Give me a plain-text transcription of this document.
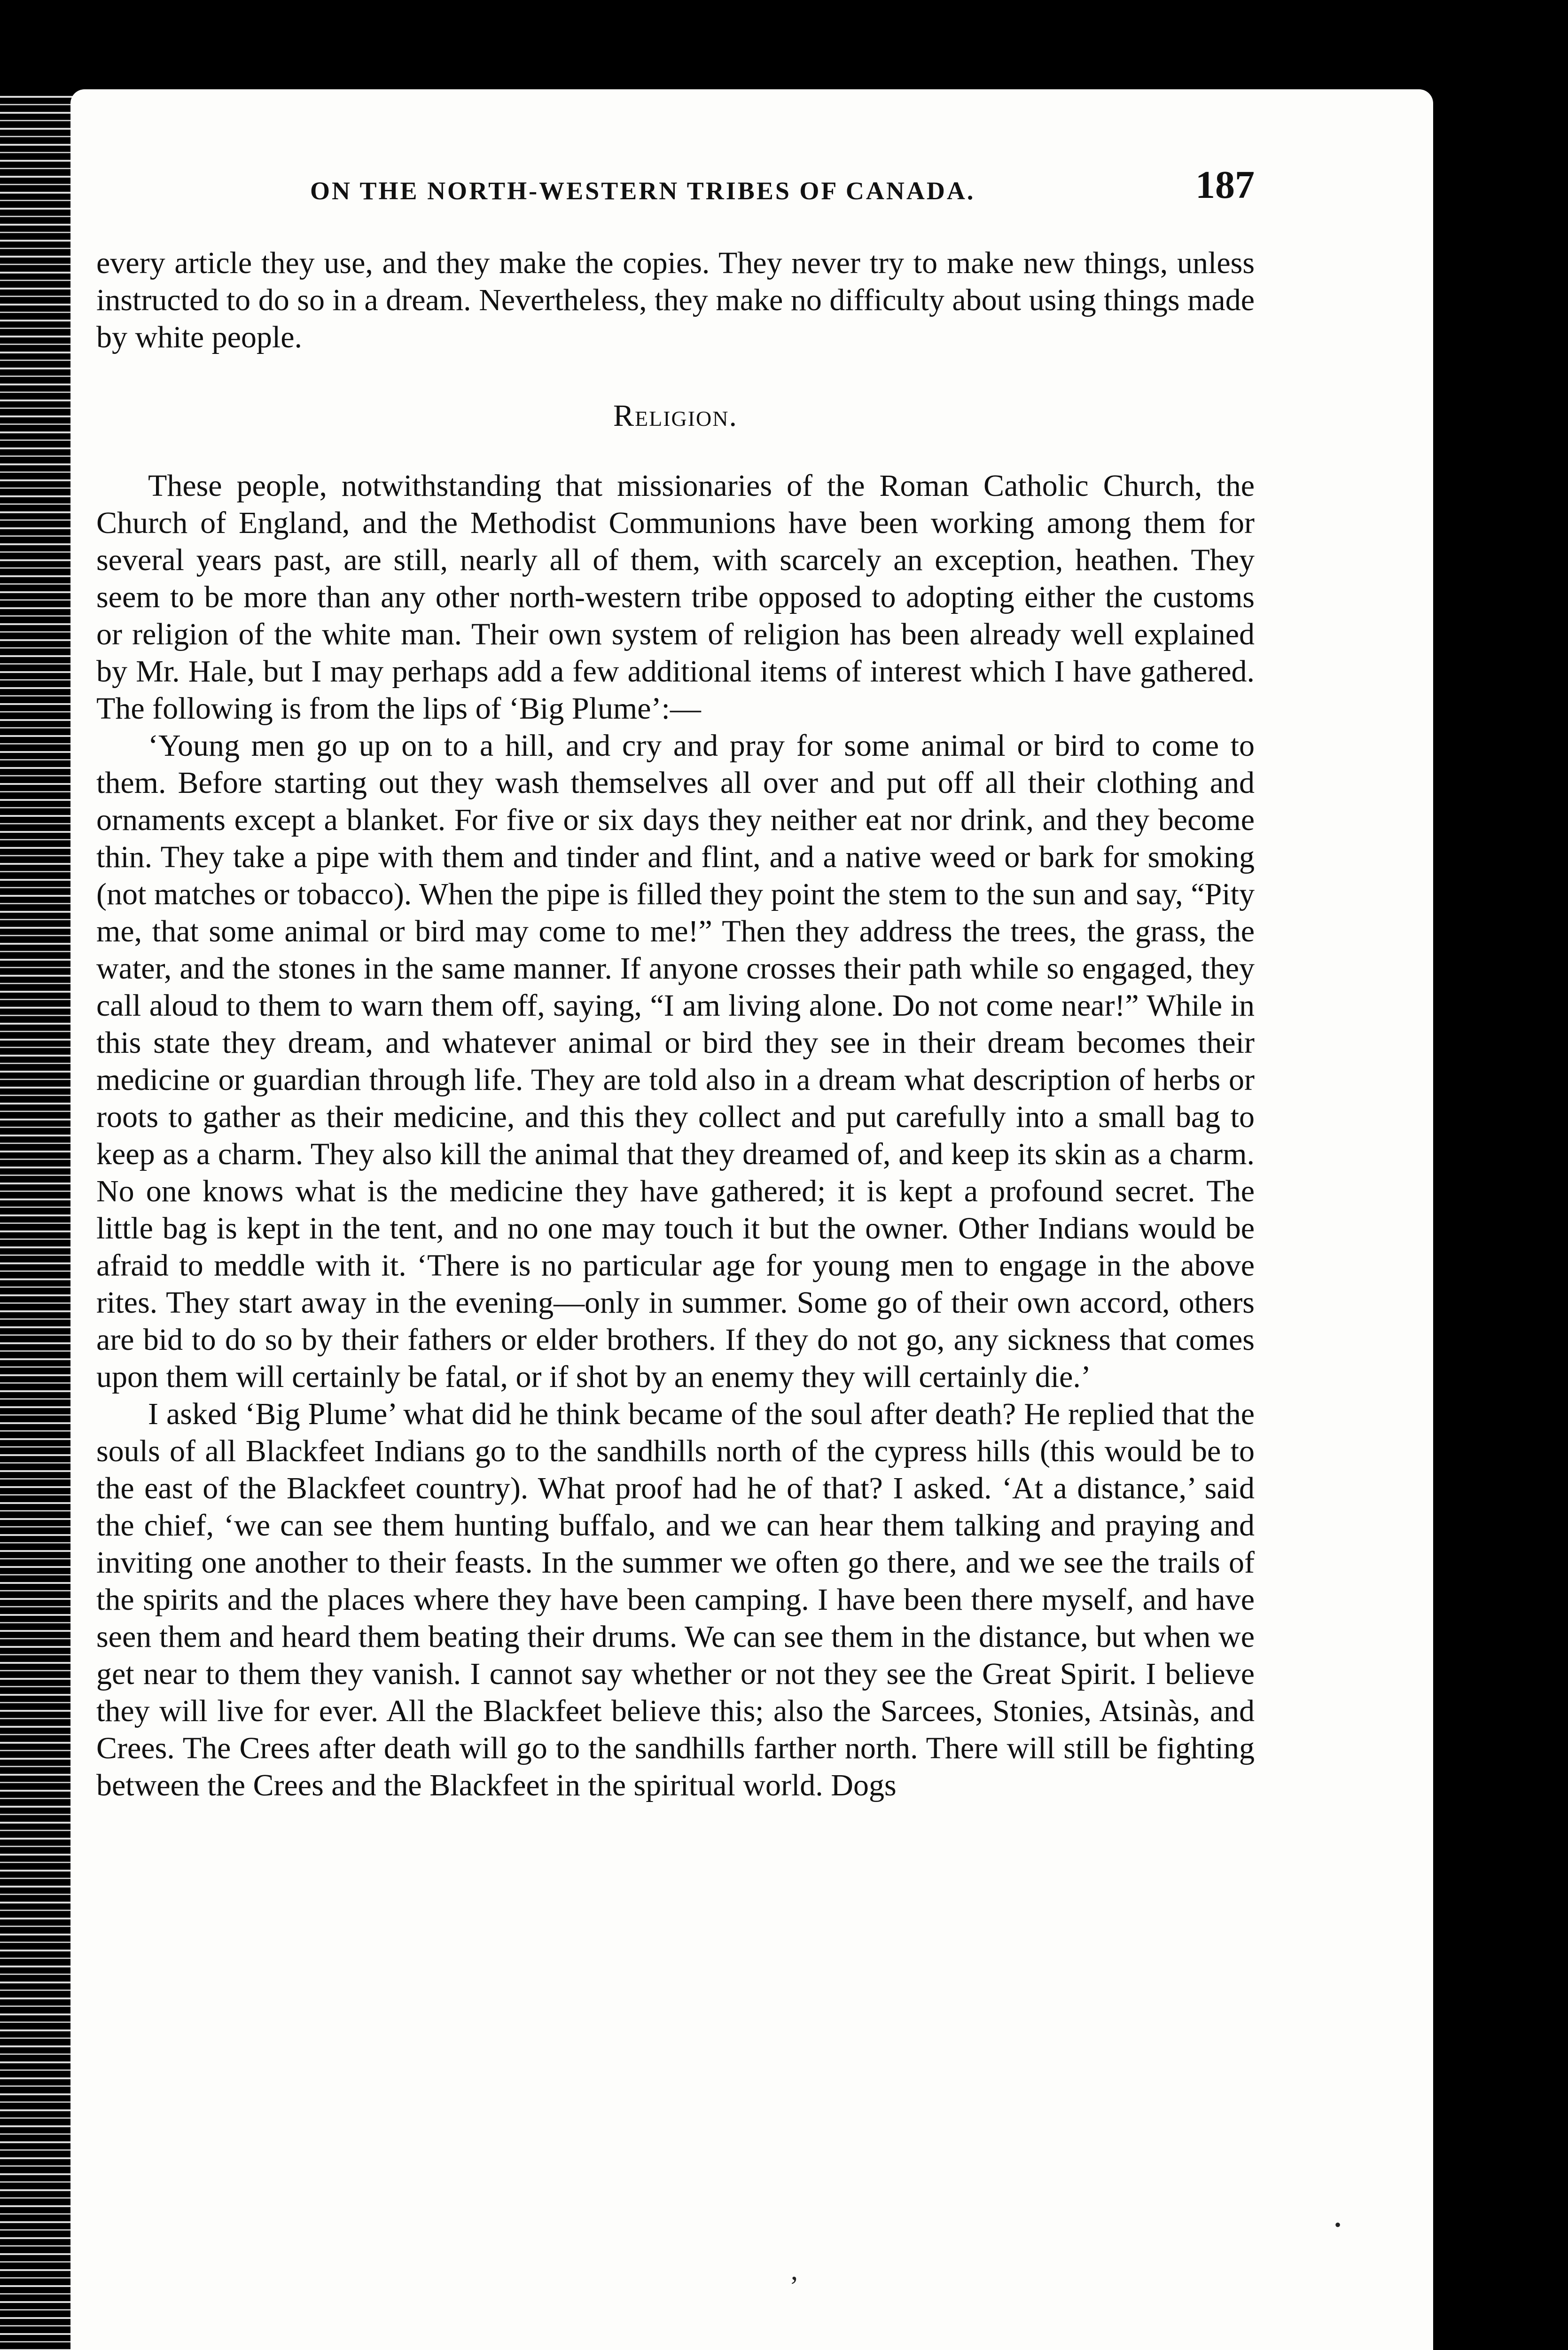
ON THE NORTH-WESTERN TRIBES OF CANADA.	187

every article they use, and they make the copies. They never try to make new things, unless instructed to do so in a dream. Nevertheless, they make no difficulty about using things made by white people.

Religion.

These people, notwithstanding that missionaries of the Roman Catholic Church, the Church of England, and the Methodist Communions have been working among them for several years past, are still, nearly all of them, with scarcely an exception, heathen. They seem to be more than any other north-western tribe opposed to adopting either the customs or religion of the white man. Their own system of religion has been already well explained by Mr. Hale, but I may perhaps add a few additional items of interest which I have gathered. The following is from the lips of ‘Big Plume’:—

‘Young men go up on to a hill, and cry and pray for some animal or bird to come to them. Before starting out they wash themselves all over and put off all their clothing and ornaments except a blanket. For five or six days they neither eat nor drink, and they become thin. They take a pipe with them and tinder and flint, and a native weed or bark for smoking (not matches or tobacco). When the pipe is filled they point the stem to the sun and say, “Pity me, that some animal or bird may come to me!” Then they address the trees, the grass, the water, and the stones in the same manner. If anyone crosses their path while so engaged, they call aloud to them to warn them off, saying, “I am living alone. Do not come near!” While in this state they dream, and whatever animal or bird they see in their dream becomes their medicine or guardian through life. They are told also in a dream what description of herbs or roots to gather as their medicine, and this they collect and put carefully into a small bag to keep as a charm. They also kill the animal that they dreamed of, and keep its skin as a charm. No one knows what is the medicine they have gathered; it is kept a profound secret. The little bag is kept in the tent, and no one may touch it but the owner. Other Indians would be afraid to meddle with it. ‘There is no particular age for young men to engage in the above rites. They start away in the evening—only in summer. Some go of their own accord, others are bid to do so by their fathers or elder brothers. If they do not go, any sickness that comes upon them will certainly be fatal, or if shot by an enemy they will certainly die.’

I asked ‘Big Plume’ what did he think became of the soul after death? He replied that the souls of all Blackfeet Indians go to the sandhills north of the cypress hills (this would be to the east of the Blackfeet country). What proof had he of that? I asked. ‘At a distance,’ said the chief, ‘we can see them hunting buffalo, and we can hear them talking and praying and inviting one another to their feasts. In the summer we often go there, and we see the trails of the spirits and the places where they have been camping. I have been there myself, and have seen them and heard them beating their drums. We can see them in the distance, but when we get near to them they vanish. I cannot say whether or not they see the Great Spirit. I believe they will live for ever. All the Blackfeet believe this; also the Sarcees, Stonies, Atsinàs, and Crees. The Crees after death will go to the sandhills farther north. There will still be fighting between the Crees and the Blackfeet in the spiritual world. Dogs

’
•
